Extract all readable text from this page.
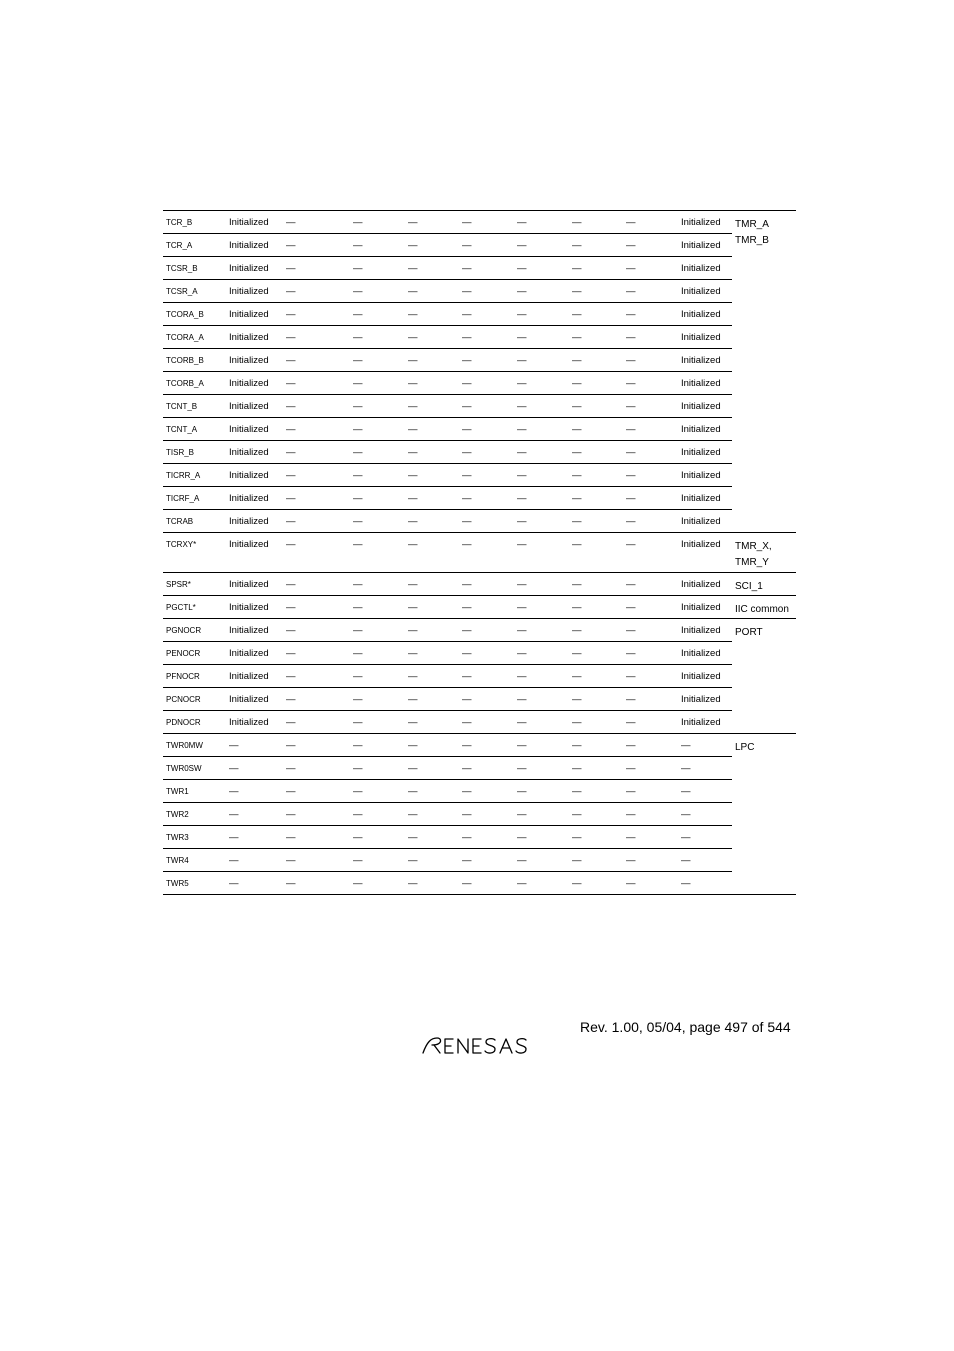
TCR_B	Initialized	—	—	—	—	—	—	—	Initialized	TMR_A
TMR_B
TCR_A	Initialized	—	—	—	—	—	—	—	Initialized	
TCSR_B	Initialized	—	—	—	—	—	—	—	Initialized	
TCSR_A	Initialized	—	—	—	—	—	—	—	Initialized	
TCORA_B	Initialized	—	—	—	—	—	—	—	Initialized	
TCORA_A	Initialized	—	—	—	—	—	—	—	Initialized	
TCORB_B	Initialized	—	—	—	—	—	—	—	Initialized	
TCORB_A	Initialized	—	—	—	—	—	—	—	Initialized	
TCNT_B	Initialized	—	—	—	—	—	—	—	Initialized	
TCNT_A	Initialized	—	—	—	—	—	—	—	Initialized	
TISR_B	Initialized	—	—	—	—	—	—	—	Initialized	
TICRR_A	Initialized	—	—	—	—	—	—	—	Initialized	
TICRF_A	Initialized	—	—	—	—	—	—	—	Initialized	
TCRAB	Initialized	—	—	—	—	—	—	—	Initialized	
TCRXY*	Initialized	—	—	—	—	—	—	—	Initialized	TMR_X,
TMR_Y
SPSR*	Initialized	—	—	—	—	—	—	—	Initialized	SCI_1
PGCTL*	Initialized	—	—	—	—	—	—	—	Initialized	IIC common
PGNOCR	Initialized	—	—	—	—	—	—	—	Initialized	PORT
PENOCR	Initialized	—	—	—	—	—	—	—	Initialized	
PFNOCR	Initialized	—	—	—	—	—	—	—	Initialized	
PCNOCR	Initialized	—	—	—	—	—	—	—	Initialized	
PDNOCR	Initialized	—	—	—	—	—	—	—	Initialized	
TWR0MW	—	—	—	—	—	—	—	—	—	LPC
TWR0SW	—	—	—	—	—	—	—	—	—	
TWR1	—	—	—	—	—	—	—	—	—	
TWR2	—	—	—	—	—	—	—	—	—	
TWR3	—	—	—	—	—	—	—	—	—	
TWR4	—	—	—	—	—	—	—	—	—	
TWR5	—	—	—	—	—	—	—	—	—	
Rev. 1.00, 05/04, page 497 of 544
